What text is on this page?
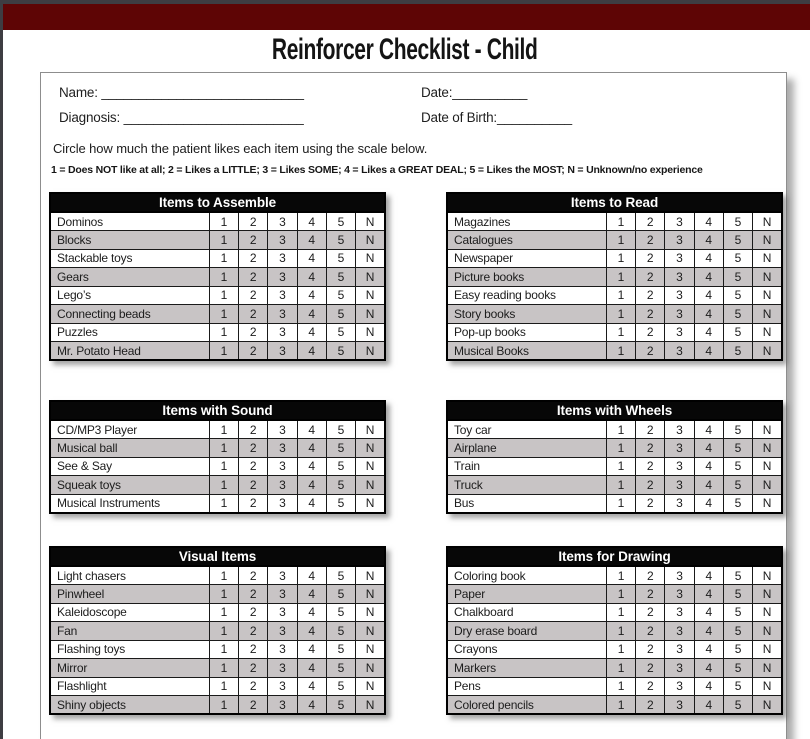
Reinforcer Checklist - Child
Name: ___________________________	Date:__________
Diagnosis: ________________________	Date of Birth:__________
Circle how much the patient likes each item using the scale below.
1 = Does NOT like at all; 2 = Likes a LITTLE; 3 = Likes SOME; 4 = Likes a GREAT DEAL; 5 = Likes the MOST; N = Unknown/no experience
Items to Assemble						
Dominos	1	2	3	4	5	N
Blocks	1	2	3	4	5	N
Stackable toys	1	2	3	4	5	N
Gears	1	2	3	4	5	N
Lego’s	1	2	3	4	5	N
Connecting beads	1	2	3	4	5	N
Puzzles	1	2	3	4	5	N
Mr. Potato Head	1	2	3	4	5	N
Items to Read						
Magazines	1	2	3	4	5	N
Catalogues	1	2	3	4	5	N
Newspaper	1	2	3	4	5	N
Picture books	1	2	3	4	5	N
Easy reading books	1	2	3	4	5	N
Story books	1	2	3	4	5	N
Pop-up books	1	2	3	4	5	N
Musical Books	1	2	3	4	5	N
Items with Sound						
CD/MP3 Player	1	2	3	4	5	N
Musical ball	1	2	3	4	5	N
See & Say	1	2	3	4	5	N
Squeak toys	1	2	3	4	5	N
Musical Instruments	1	2	3	4	5	N
Items with Wheels						
Toy car	1	2	3	4	5	N
Airplane	1	2	3	4	5	N
Train	1	2	3	4	5	N
Truck	1	2	3	4	5	N
Bus	1	2	3	4	5	N
Visual Items						
Light chasers	1	2	3	4	5	N
Pinwheel	1	2	3	4	5	N
Kaleidoscope	1	2	3	4	5	N
Fan	1	2	3	4	5	N
Flashing toys	1	2	3	4	5	N
Mirror	1	2	3	4	5	N
Flashlight	1	2	3	4	5	N
Shiny objects	1	2	3	4	5	N
Items for Drawing						
Coloring book	1	2	3	4	5	N
Paper	1	2	3	4	5	N
Chalkboard	1	2	3	4	5	N
Dry erase board	1	2	3	4	5	N
Crayons	1	2	3	4	5	N
Markers	1	2	3	4	5	N
Pens	1	2	3	4	5	N
Colored pencils	1	2	3	4	5	N
